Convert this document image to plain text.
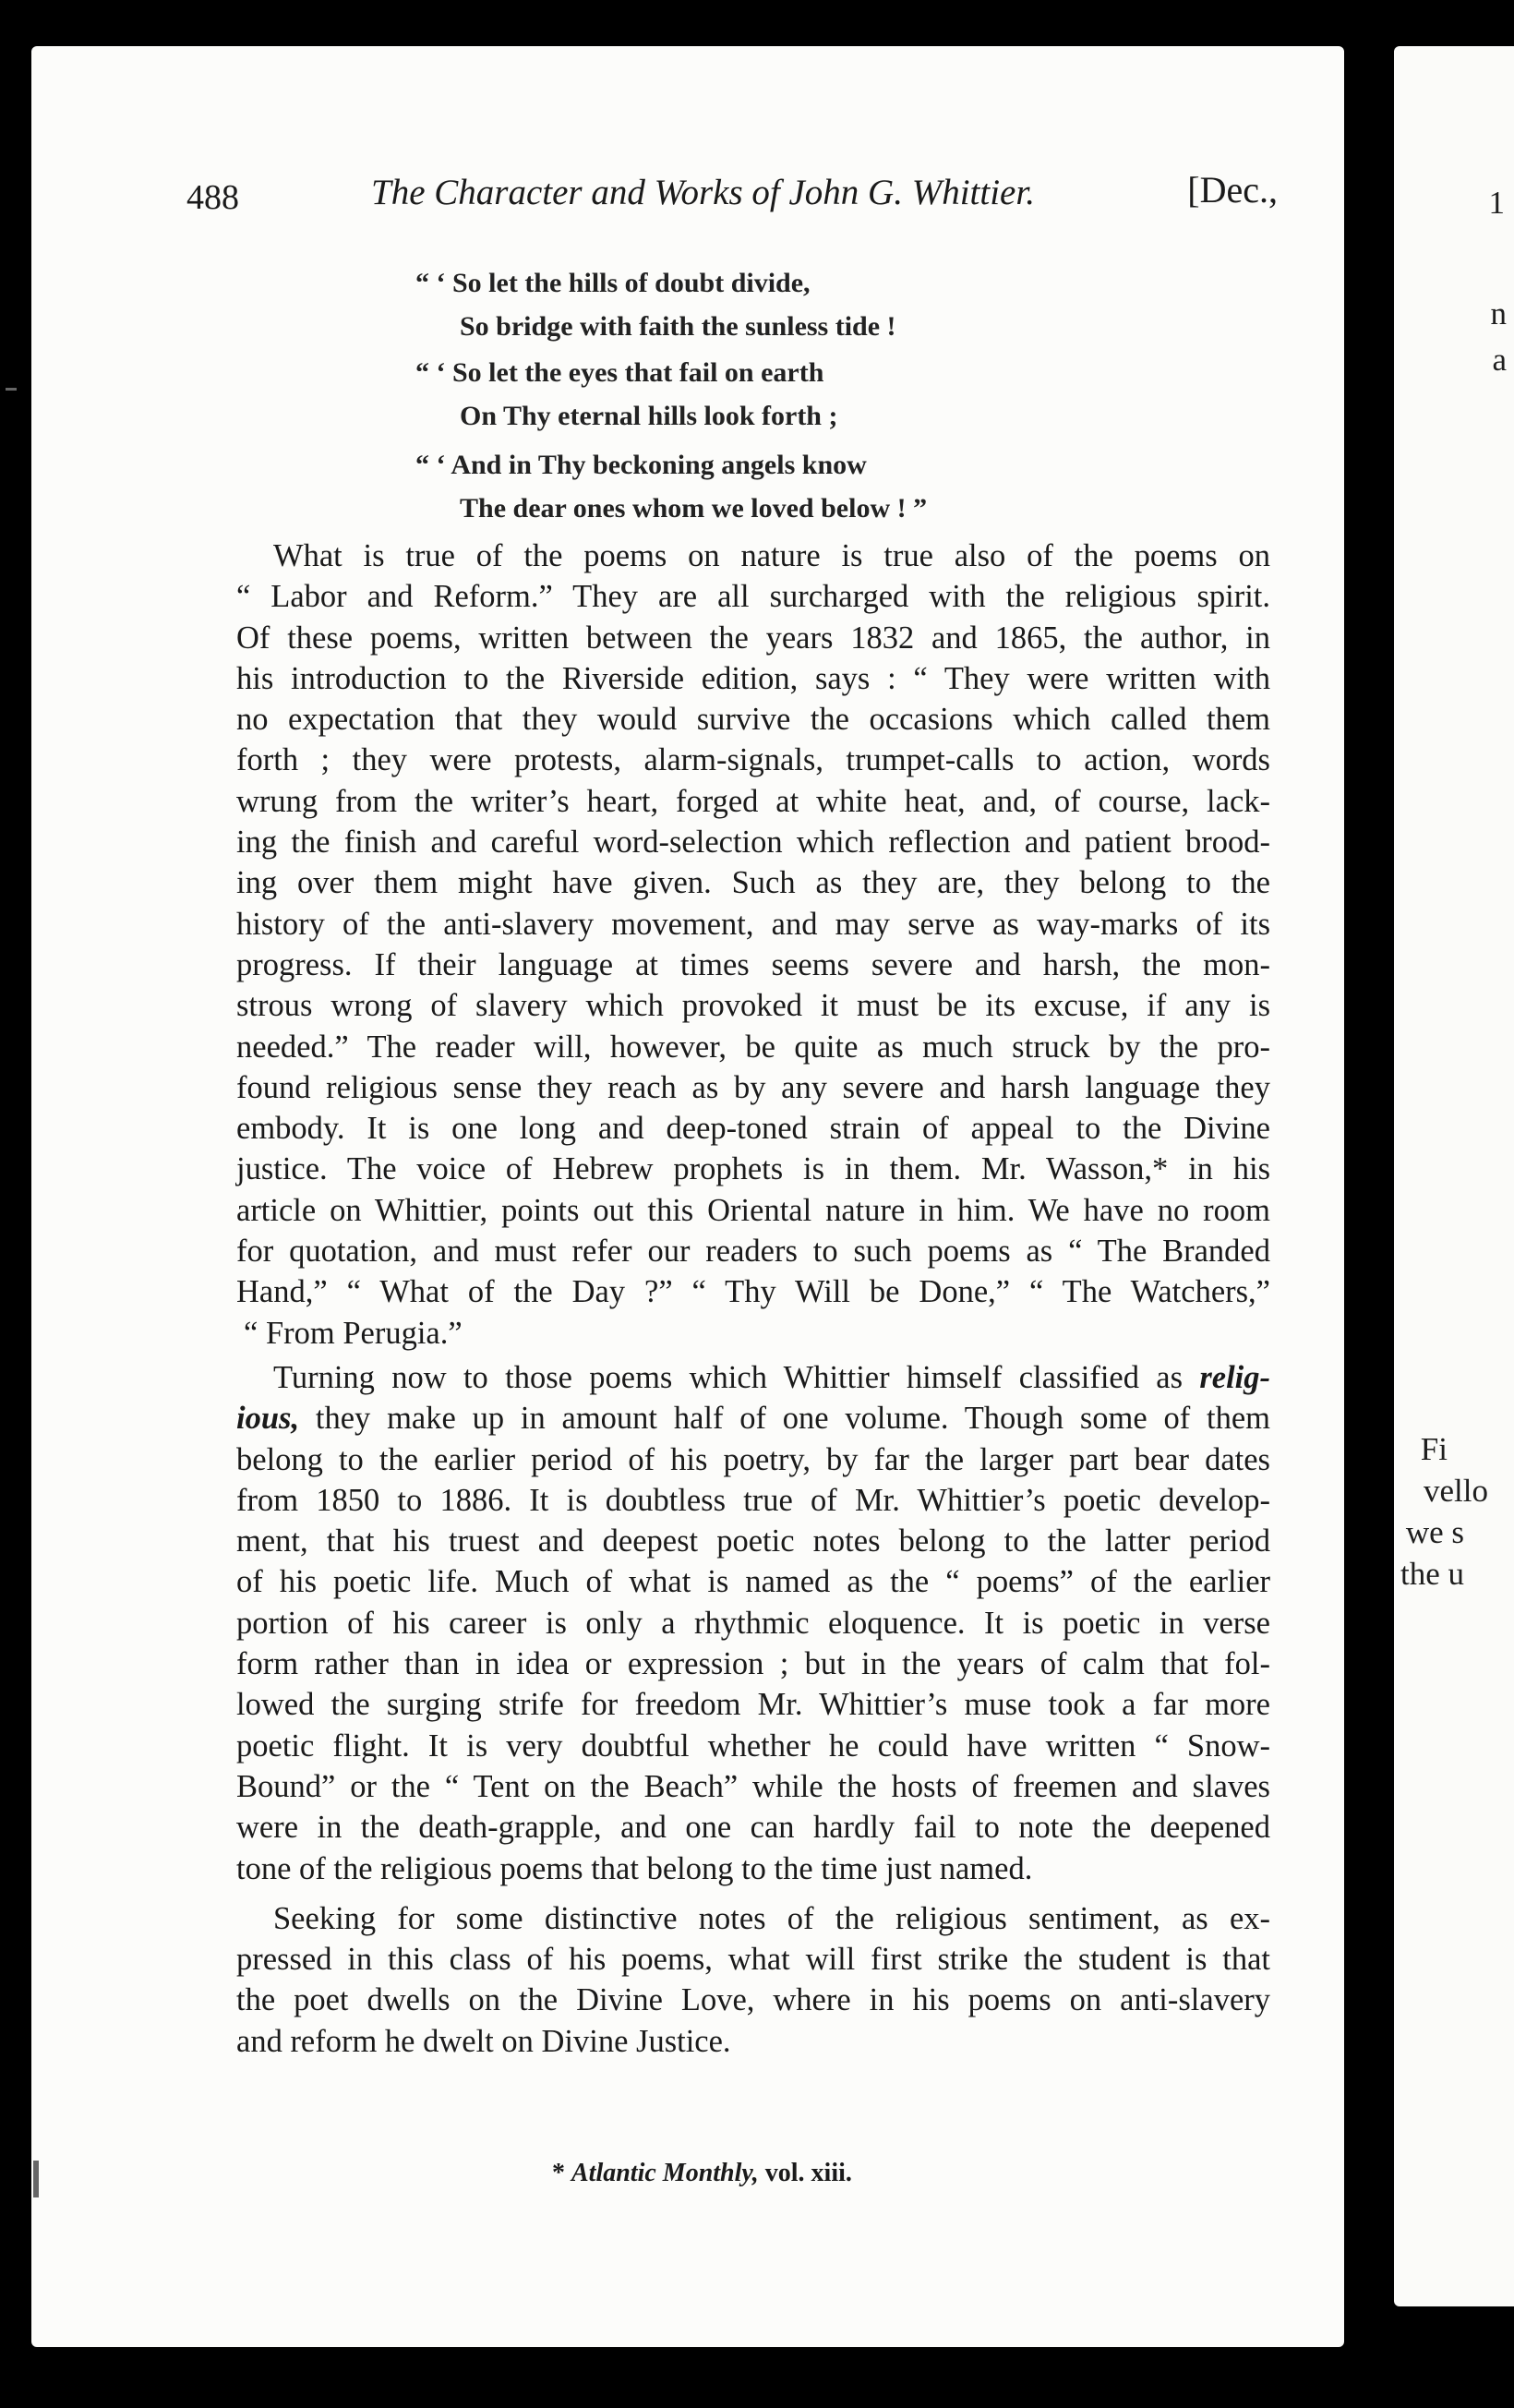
1
n
a
Fi
vello
we s
the u
488	The Character and Works of John G. Whittier.	[Dec.,
“ ‘ So let the hills of doubt divide,
So bridge with faith the sunless tide !
“ ‘ So let the eyes that fail on earth
On Thy eternal hills look forth ;
“ ‘ And in Thy beckoning angels know
The dear ones whom we loved below ! ”

What is true of the poems on nature is true also of the poems on
“ Labor and Reform.” They are all surcharged with the religious spirit.
Of these poems, written between the years 1832 and 1865, the author, in
his introduction to the Riverside edition, says : “ They were written with
no expectation that they would survive the occasions which called them
forth ; they were protests, alarm-signals, trumpet-calls to action, words
wrung from the writer’s heart, forged at white heat, and, of course, lack-
ing the finish and careful word-selection which reflection and patient brood-
ing over them might have given. Such as they are, they belong to the
history of the anti-slavery movement, and may serve as way-marks of its
progress. If their language at times seems severe and harsh, the mon-
strous wrong of slavery which provoked it must be its excuse, if any is
needed.” The reader will, however, be quite as much struck by the pro-
found religious sense they reach as by any severe and harsh language they
embody. It is one long and deep-toned strain of appeal to the Divine
justice. The voice of Hebrew prophets is in them. Mr. Wasson,* in his
article on Whittier, points out this Oriental nature in him. We have no room
for quotation, and must refer our readers to such poems as “ The Branded
Hand,” “ What of the Day ?” “ Thy Will be Done,” “ The Watchers,”
“ From Perugia.”

Turning now to those poems which Whittier himself classified as relig-
ious, they make up in amount half of one volume. Though some of them
belong to the earlier period of his poetry, by far the larger part bear dates
from 1850 to 1886. It is doubtless true of Mr. Whittier’s poetic develop-
ment, that his truest and deepest poetic notes belong to the latter period
of his poetic life. Much of what is named as the “ poems” of the earlier
portion of his career is only a rhythmic eloquence. It is poetic in verse
form rather than in idea or expression ; but in the years of calm that fol-
lowed the surging strife for freedom Mr. Whittier’s muse took a far more
poetic flight. It is very doubtful whether he could have written “ Snow-
Bound” or the “ Tent on the Beach” while the hosts of freemen and slaves
were in the death-grapple, and one can hardly fail to note the deepened
tone of the religious poems that belong to the time just named.

Seeking for some distinctive notes of the religious sentiment, as ex-
pressed in this class of his poems, what will first strike the student is that
the poet dwells on the Divine Love, where in his poems on anti-slavery
and reform he dwelt on Divine Justice.

* Atlantic Monthly, vol. xiii.
